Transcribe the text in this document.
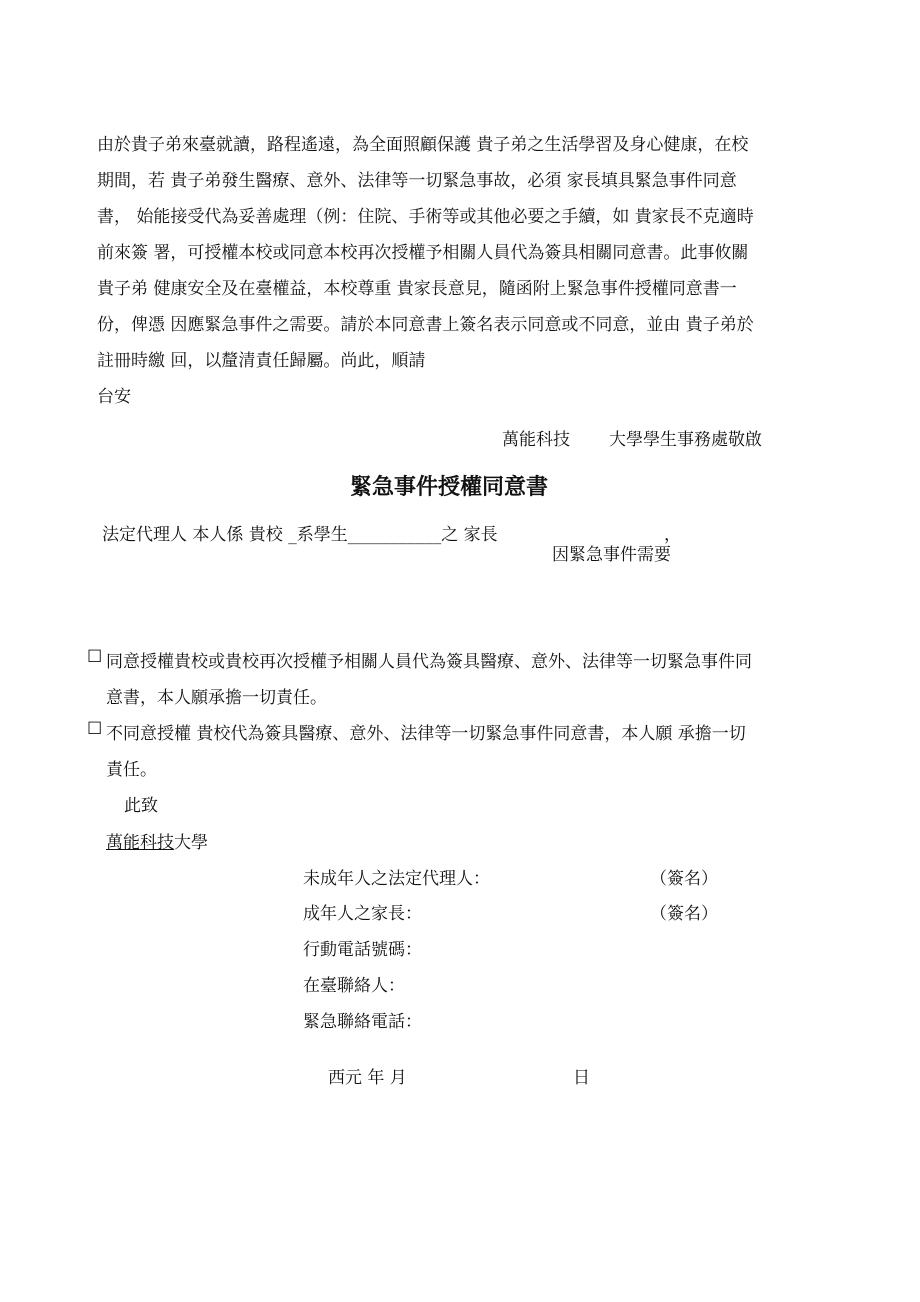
由於貴子弟來臺就讀，路程遙遠，為全面照顧保護 貴子弟之生活學習及身心健康，在校
期間，若 貴子弟發生醫療、意外、法律等一切緊急事故，必須 家長填具緊急事件同意
書， 始能接受代為妥善處理（例：住院、手術等或其他必要之手續，如 貴家長不克適時
前來簽 署，可授權本校或同意本校再次授權予相關人員代為簽具相關同意書。此事攸關
貴子弟 健康安全及在臺權益，本校尊重 貴家長意見，隨函附上緊急事件授權同意書一
份，俾憑 因應緊急事件之需要。請於本同意書上簽名表示同意或不同意，並由 貴子弟於
註冊時繳 回，以釐清責任歸屬。尚此，順請
台安
萬能科技 大學學生事務處敬啟
緊急事件授權同意書
法定代理人 本人係 貴校 _系學生___________之 家長	，
因緊急事件需要
☐ 同意授權貴校或貴校再次授權予相關人員代為簽具醫療、意外、法律等一切緊急事件同
意書，本人願承擔一切責任。
☐ 不同意授權 貴校代為簽具醫療、意外、法律等一切緊急事件同意書，本人願 承擔一切
責任。
此致
萬能科技大學
未成年人之法定代理人：	（簽名）
成年人之家長：	（簽名）
行動電話號碼：
在臺聯絡人：
緊急聯絡電話：
西元 年 月	日
